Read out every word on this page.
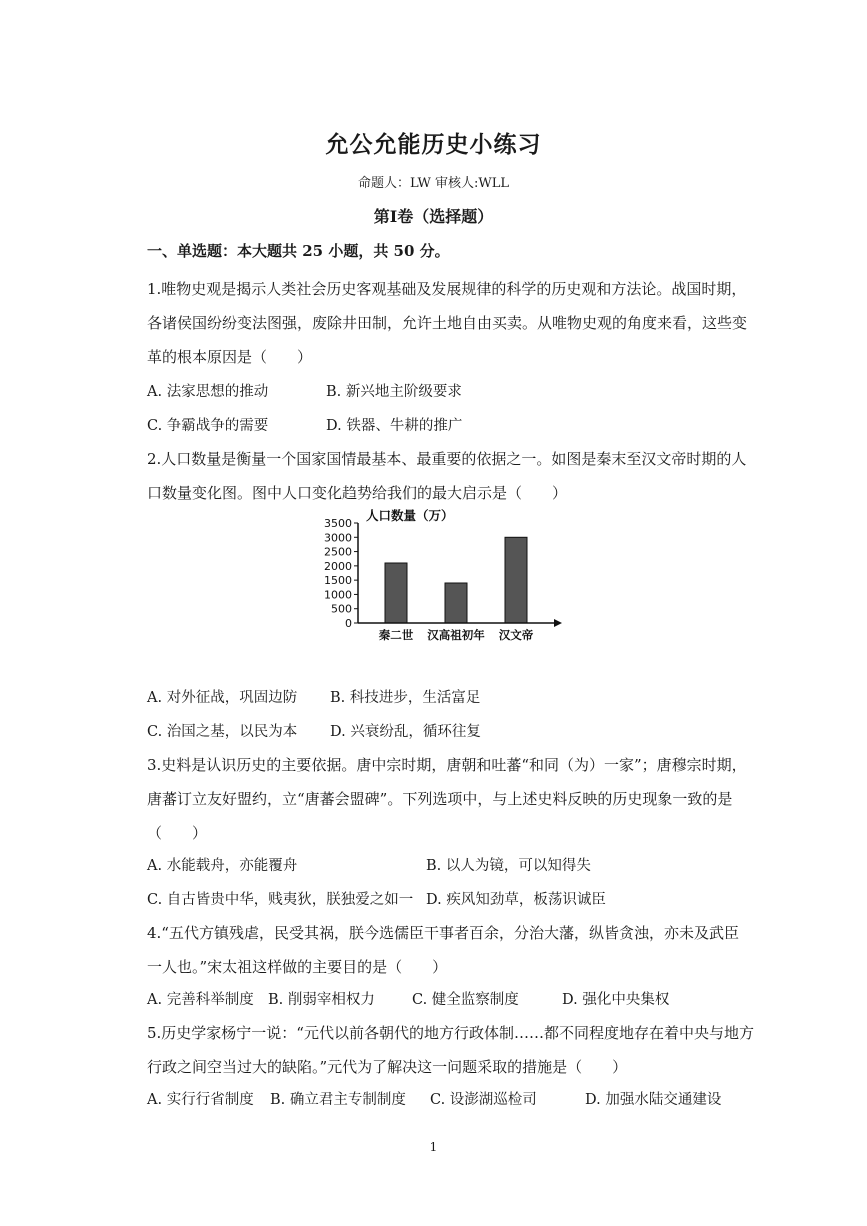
允公允能历史小练习
命题人：LW 审核人:WLL
第Ⅰ卷（选择题）
一、单选题：本大题共 25 小题，共 50 分。
1.唯物史观是揭示人类社会历史客观基础及发展规律的科学的历史观和方法论。战国时期，
各诸侯国纷纷变法图强，废除井田制，允许土地自由买卖。从唯物史观的角度来看，这些变
革的根本原因是（　　）
A. 法家思想的推动	B. 新兴地主阶级要求
C. 争霸战争的需要	D. 铁器、牛耕的推广
2.人口数量是衡量一个国家国情最基本、最重要的依据之一。如图是秦末至汉文帝时期的人
口数量变化图。图中人口变化趋势给我们的最大启示是（　　）
人口数量（万）
0
500
1000
1500
2000
2500
3000
3500
秦二世 汉高祖初年 汉文帝
A. 对外征战，巩固边防 B. 科技进步，生活富足
C. 治国之基，以民为本 D. 兴衰纷乱，循环往复
3.史料是认识历史的主要依据。唐中宗时期，唐朝和吐蕃“和同（为）一家”；唐穆宗时期，
唐蕃订立友好盟约，立“唐蕃会盟碑”。下列选项中，与上述史料反映的历史现象一致的是
（　　）
A. 水能载舟，亦能覆舟	B. 以人为镜，可以知得失
C. 自古皆贵中华，贱夷狄，朕独爱之如一 D. 疾风知劲草，板荡识诚臣
4.“五代方镇残虐，民受其祸，朕今选儒臣干事者百余，分治大藩，纵皆贪浊，亦未及武臣
一人也。”宋太祖这样做的主要目的是（　　）
A. 完善科举制度 B. 削弱宰相权力	C. 健全监察制度	D. 强化中央集权
5.历史学家杨宁一说：“元代以前各朝代的地方行政体制……都不同程度地存在着中央与地方
行政之间空当过大的缺陷。”元代为了解决这一问题采取的措施是（　　）
A. 实行行省制度 B. 确立君主专制制度 C. 设澎湖巡检司	D. 加强水陆交通建设
1
